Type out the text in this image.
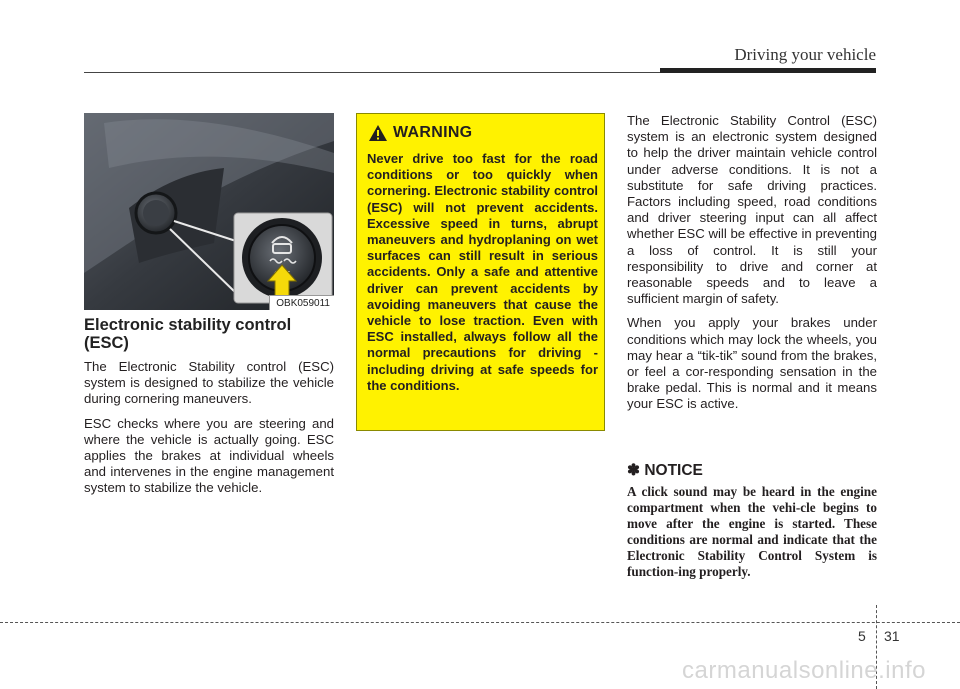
Driving your vehicle
OBK059011
Electronic stability control (ESC)

The Electronic Stability control (ESC) system is designed to stabilize the vehicle during cornering maneuvers.

ESC checks where you are steering and where the vehicle is actually going. ESC applies the brakes at individual wheels and intervenes in the engine management system to stabilize the vehicle.

WARNING
Never drive too fast for the road conditions or too quickly when cornering. Electronic stability control (ESC) will not prevent accidents. Excessive speed in turns, abrupt maneuvers and hydroplaning on wet surfaces can still result in serious accidents. Only a safe and attentive driver can prevent accidents by avoiding maneuvers that cause the vehicle to lose traction. Even with ESC installed, always follow all the normal precautions for driving - including driving at safe speeds for the conditions.

The Electronic Stability Control (ESC) system is an electronic system designed to help the driver maintain vehicle control under adverse conditions. It is not a substitute for safe driving practices. Factors including speed, road conditions and driver steering input can all affect whether ESC will be effective in preventing a loss of control. It is still your responsibility to drive and corner at reasonable speeds and to leave a sufficient margin of safety.

When you apply your brakes under conditions which may lock the wheels, you may hear a “tik-tik” sound from the brakes, or feel a cor-responding sensation in the brake pedal. This is normal and it means your ESC is active.

✽ NOTICE
A click sound may be heard in the engine compartment when the vehi-cle begins to move after the engine is started. These conditions are normal and indicate that the Electronic Stability Control System is function-ing properly.
5 31
carmanualsonline.info
